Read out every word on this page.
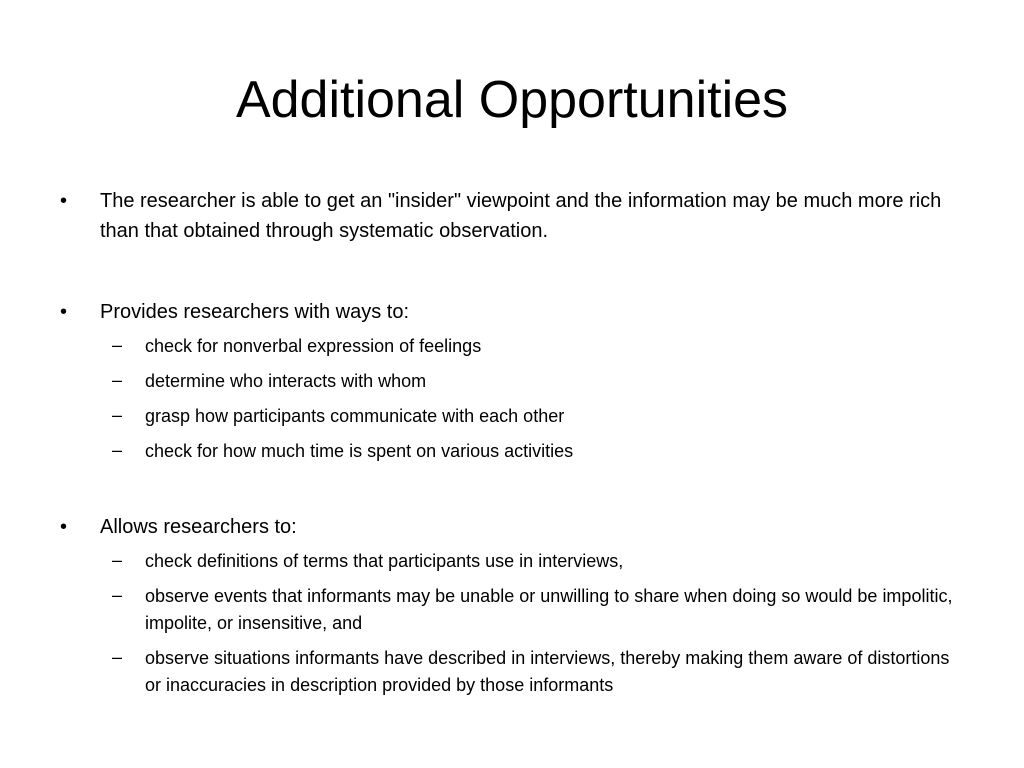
Additional Opportunities
•	The researcher is able to get an "insider" viewpoint and the information may be much more rich than that obtained through systematic observation.
•	Provides researchers with ways to:
– check for nonverbal expression of feelings
– determine who interacts with whom
– grasp how participants communicate with each other
– check for how much time is spent on various activities
•	Allows researchers to:
– check definitions of terms that participants use in interviews,
– observe events that informants may be unable or unwilling to share when doing so would be impolitic, impolite, or insensitive, and
– observe situations informants have described in interviews, thereby making them aware of distortions or inaccuracies in description provided by those informants
